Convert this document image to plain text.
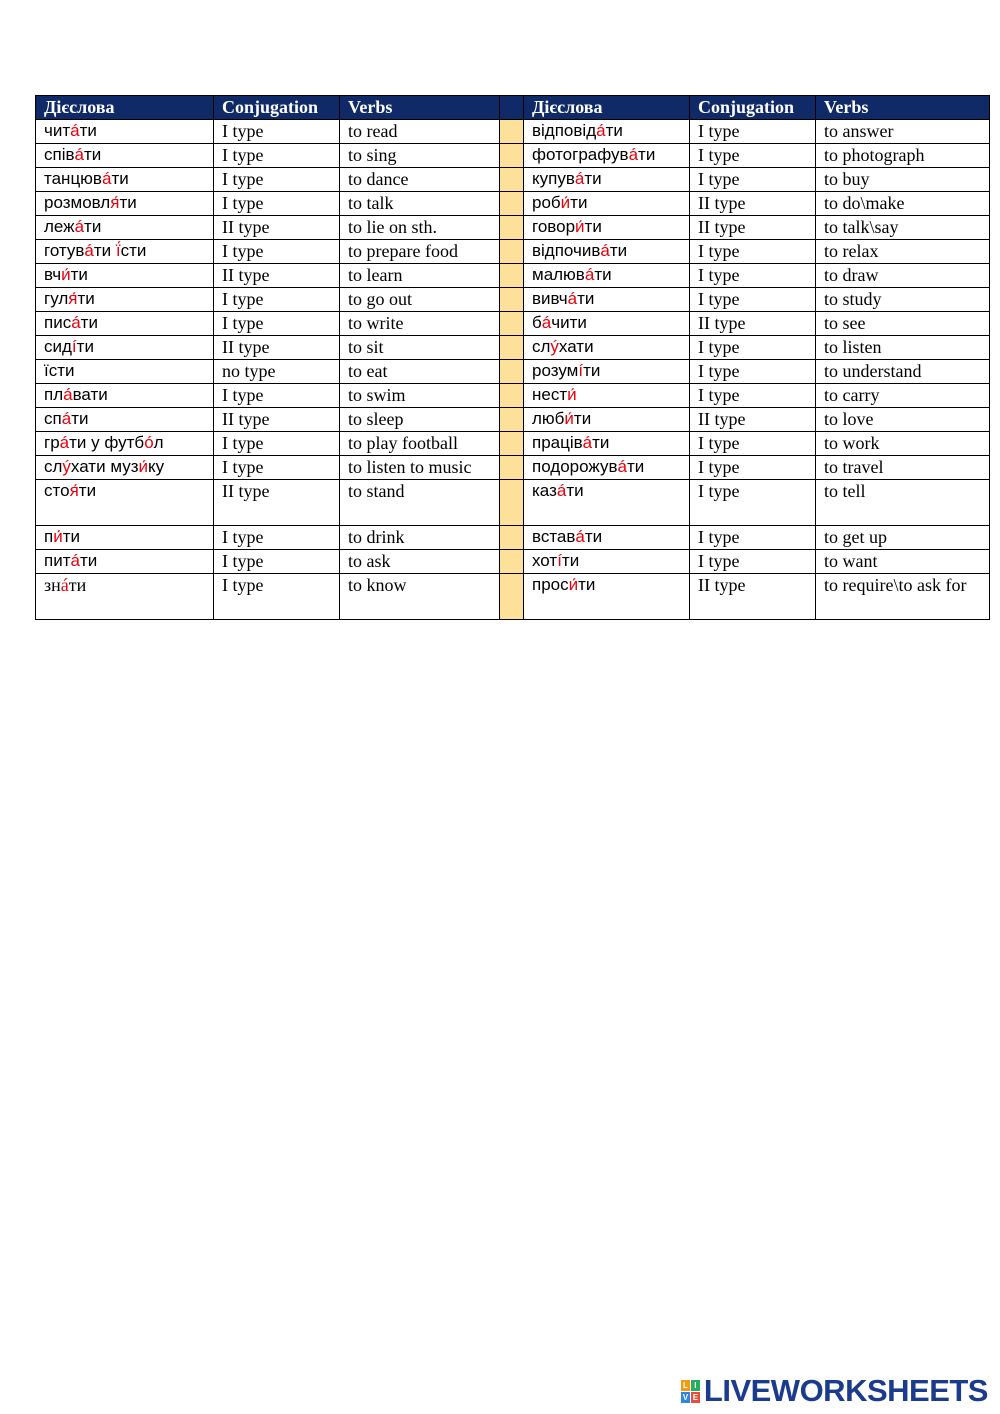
Дієслова	Conjugation	Verbs		Дієслова	Conjugation	Verbs
читáти	I type	to read		відповідáти	I type	to answer
співáти	I type	to sing		фотографувáти	I type	to photograph
танцювáти	I type	to dance		купувáти	I type	to buy
розмовля́ти	I type	to talk		роби́ти	II type	to do\make
лежáти	II type	to lie on sth.		говори́ти	II type	to talk\say
готувáти ї́сти	I type	to prepare food		відпочивáти	I type	to relax
вчи́ти	II type	to learn		малювáти	I type	to draw
гуля́ти	I type	to go out		вивчáти	I type	to study
писáти	I type	to write		бáчити	II type	to see
сидíти	II type	to sit		слýхати	I type	to listen
їсти	no type	to eat		розумíти	I type	to understand
плáвати	I type	to swim		нести́	I type	to carry
спáти	II type	to sleep		люби́ти	II type	to love
грáти у футбóл	I type	to play football		працівáти	I type	to work
слýхати музи́ку	I type	to listen to music		подорожувáти	I type	to travel
стоя́ти	II type	to stand		казáти	I type	to tell
пи́ти	I type	to drink		вставáти	I type	to get up
питáти	I type	to ask		хотíти	I type	to want
знáти	I type	to know		проси́ти	II type	to require\to ask for
L I
V E LIVEWORKSHEETS
